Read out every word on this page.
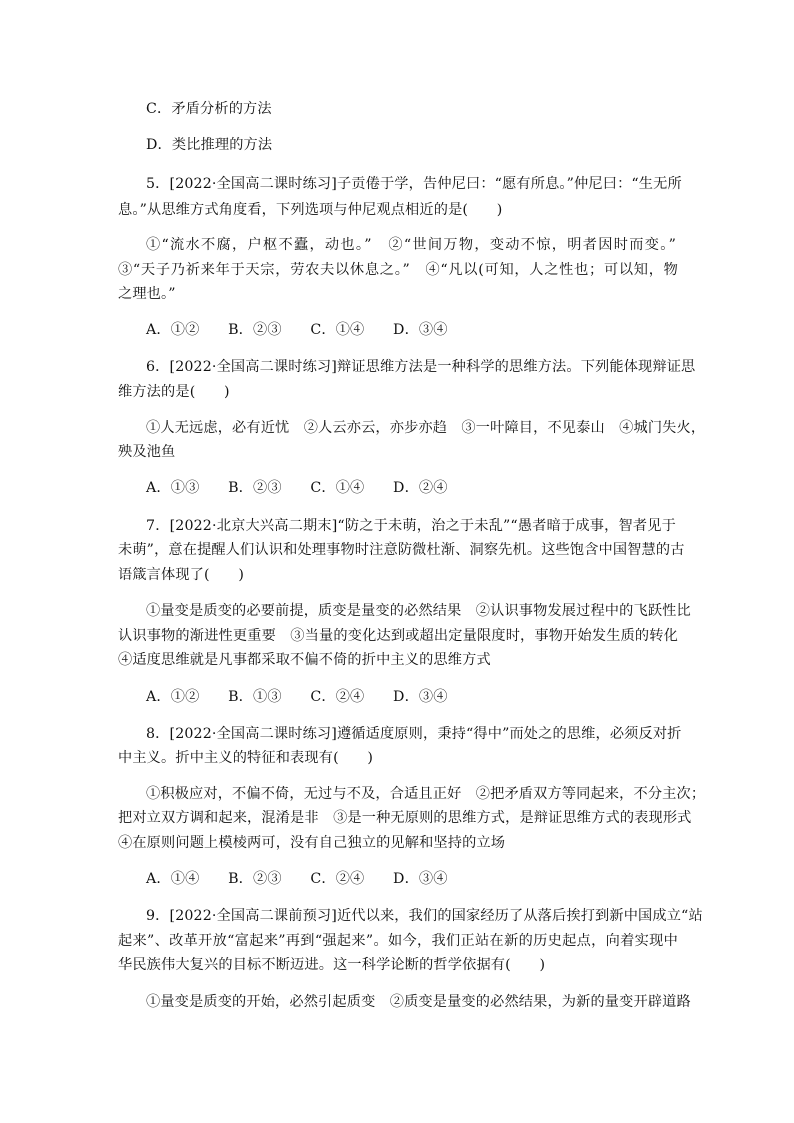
C．矛盾分析的方法
D．类比推理的方法
5．[2022·全国高二课时练习]子贡倦于学，告仲尼曰：“愿有所息。”仲尼曰：“生无所
息。”从思维方式角度看，下列选项与仲尼观点相近的是(　　)
①“流水不腐，户枢不蠹，动也。”　②“世间万物，变动不惊，明者因时而变。”
③“天子乃祈来年于天宗，劳农夫以休息之。”　④“凡以(可知，人之性也；可以知，物
之理也。”
A．①②　　B．②③　　C．①④　　D．③④
6．[2022·全国高二课时练习]辩证思维方法是一种科学的思维方法。下列能体现辩证思
维方法的是(　　)
①人无远虑，必有近忧　②人云亦云，亦步亦趋　③一叶障目，不见泰山　④城门失火，
殃及池鱼
A．①③　　B．②③　　C．①④　　D．②④
7．[2022·北京大兴高二期末]“防之于未萌，治之于未乱”“愚者暗于成事，智者见于
未萌”，意在提醒人们认识和处理事物时注意防微杜渐、洞察先机。这些饱含中国智慧的古
语箴言体现了(　　)
①量变是质变的必要前提，质变是量变的必然结果　②认识事物发展过程中的飞跃性比
认识事物的渐进性更重要　③当量的变化达到或超出定量限度时，事物开始发生质的转化
④适度思维就是凡事都采取不偏不倚的折中主义的思维方式
A．①②　　B．①③　　C．②④　　D．③④
8．[2022·全国高二课时练习]遵循适度原则，秉持“得中”而处之的思维，必须反对折
中主义。折中主义的特征和表现有(　　)
①积极应对，不偏不倚，无过与不及，合适且正好　②把矛盾双方等同起来，不分主次；
把对立双方调和起来，混淆是非　③是一种无原则的思维方式，是辩证思维方式的表现形式
④在原则问题上模棱两可，没有自己独立的见解和坚持的立场
A．①④　　B．②③　　C．②④　　D．③④
9．[2022·全国高二课前预习]近代以来，我们的国家经历了从落后挨打到新中国成立“站
起来”、改革开放“富起来”再到“强起来”。如今，我们正站在新的历史起点，向着实现中
华民族伟大复兴的目标不断迈进。这一科学论断的哲学依据有(　　)
①量变是质变的开始，必然引起质变　②质变是量变的必然结果，为新的量变开辟道路
